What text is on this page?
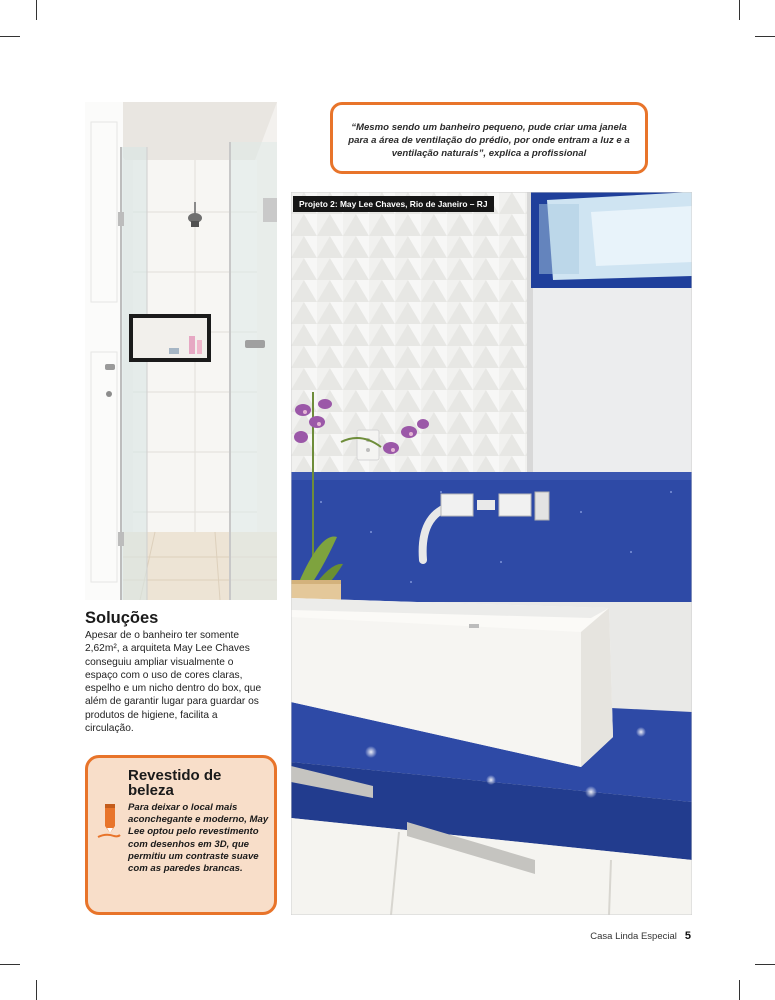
“Mesmo sendo um banheiro pequeno, pude criar uma janela para a área de ventilação do prédio, por onde entram a luz e a ventilação naturais”, explica a profissional
Projeto 2: May Lee Chaves, Rio de Janeiro – RJ
Soluções

Apesar de o banheiro ter somente 2,62m², a arquiteta May Lee Chaves conseguiu ampliar visualmente o espaço com o uso de cores claras, espelho e um nicho dentro do box, que além de garantir lugar para guardar os produtos de higiene, facilita a circulação.

Revestido de beleza

Para deixar o local mais aconchegante e moderno, May Lee optou pelo revestimento com desenhos em 3D, que permitiu um contraste suave com as paredes brancas.

Casa Linda Especial 5
